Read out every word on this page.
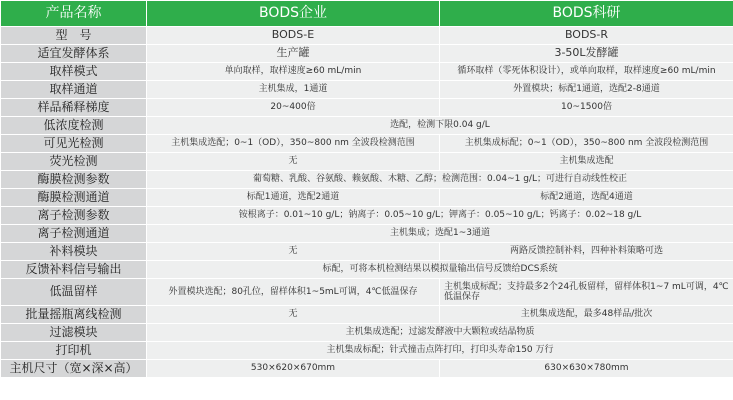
产品名称	BODS企业	BODS科研
型　号	BODS-E	BODS-R
适宜发酵体系	生产罐	3-50L发酵罐
取样模式	单向取样，取样速度≥60 mL/min	循环取样（零死体积设计），或单向取样，取样速度≥60 mL/min
取样通道	主机集成，1通道	外置模块；标配1通道，选配2-8通道
样品稀释梯度	20~400倍	10~1500倍
低浓度检测	选配，检测下限0.04 g/L	
可见光检测	主机集成选配；0~1（OD），350~800 nm 全波段检测范围	主机集成标配；0~1（OD），350~800 nm 全波段检测范围
荧光检测	无	主机集成选配
酶膜检测参数	葡萄糖、乳酸、谷氨酸、赖氨酸、木糖、乙醇；检测范围：0.04~1 g/L；可进行自动线性校正	
酶膜检测通道	标配1通道，选配2通道	标配2通道，选配4通道
离子检测参数	铵根离子：0.01~10 g/L；钠离子：0.05~10 g/L；钾离子：0.05~10 g/L；钙离子：0.02~18 g/L	
离子检测通道	主机集成；选配1~3通道	
补料模块	无	两路反馈控制补料，四种补料策略可选
反馈补料信号输出	标配，可将本机检测结果以模拟量输出信号反馈给DCS系统	
低温留样	外置模块选配；80孔位，留样体积1~5mL可调，4℃低温保存	主机集成标配；支持最多2个24孔板留样，留样体积1~7 mL可调，4℃低温保存
批量摇瓶离线检测	无	主机集成选配，最多48样品/批次
过滤模块	主机集成选配；过滤发酵液中大颗粒或结晶物质	
打印机	主机集成标配；针式撞击点阵打印，打印头寿命150 万行	
主机尺寸（宽×深×高）	530×620×670mm	630×630×780mm
